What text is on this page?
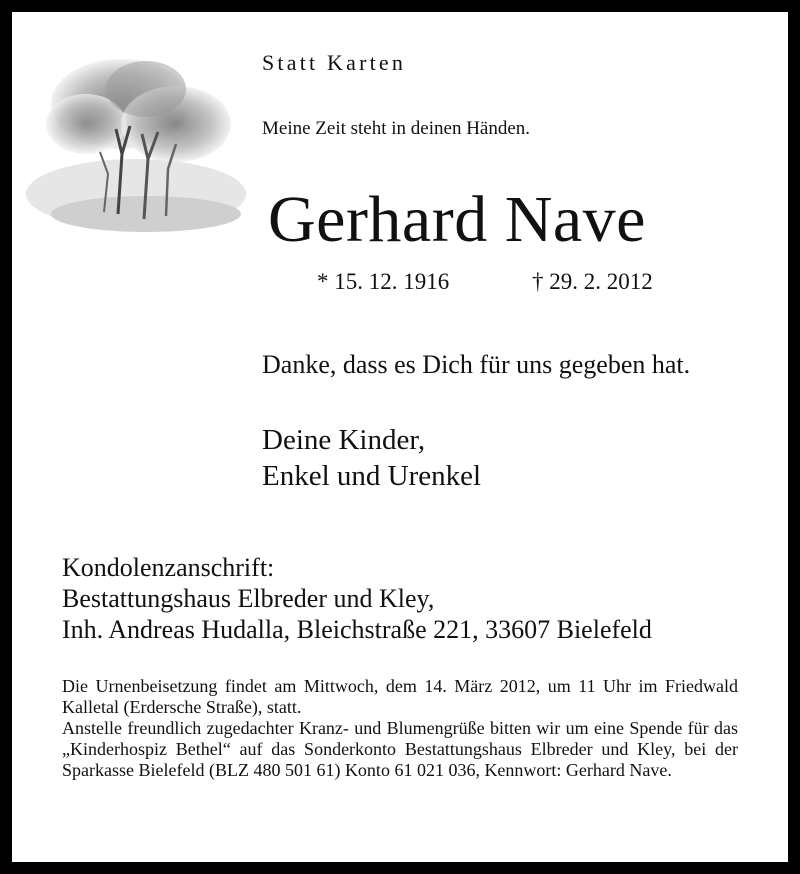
Statt Karten
Meine Zeit steht in deinen Händen.
Gerhard Nave
* 15. 12. 1916	† 29. 2. 2012
Danke, dass es Dich für uns gegeben hat.
Deine Kinder,
Enkel und Urenkel
Kondolenzanschrift:
Bestattungshaus Elbreder und Kley,
Inh. Andreas Hudalla, Bleichstraße 221, 33607 Bielefeld

Die Urnenbeisetzung findet am Mittwoch, dem 14. März 2012, um 11 Uhr im Friedwald Kalletal (Erdersche Straße), statt.

Anstelle freundlich zugedachter Kranz- und Blumengrüße bitten wir um eine Spende für das „Kinderhospiz Bethel“ auf das Sonderkonto Bestattungshaus Elbreder und Kley, bei der Sparkasse Bielefeld (BLZ 480 501 61) Konto 61 021 036, Kennwort: Gerhard Nave.
